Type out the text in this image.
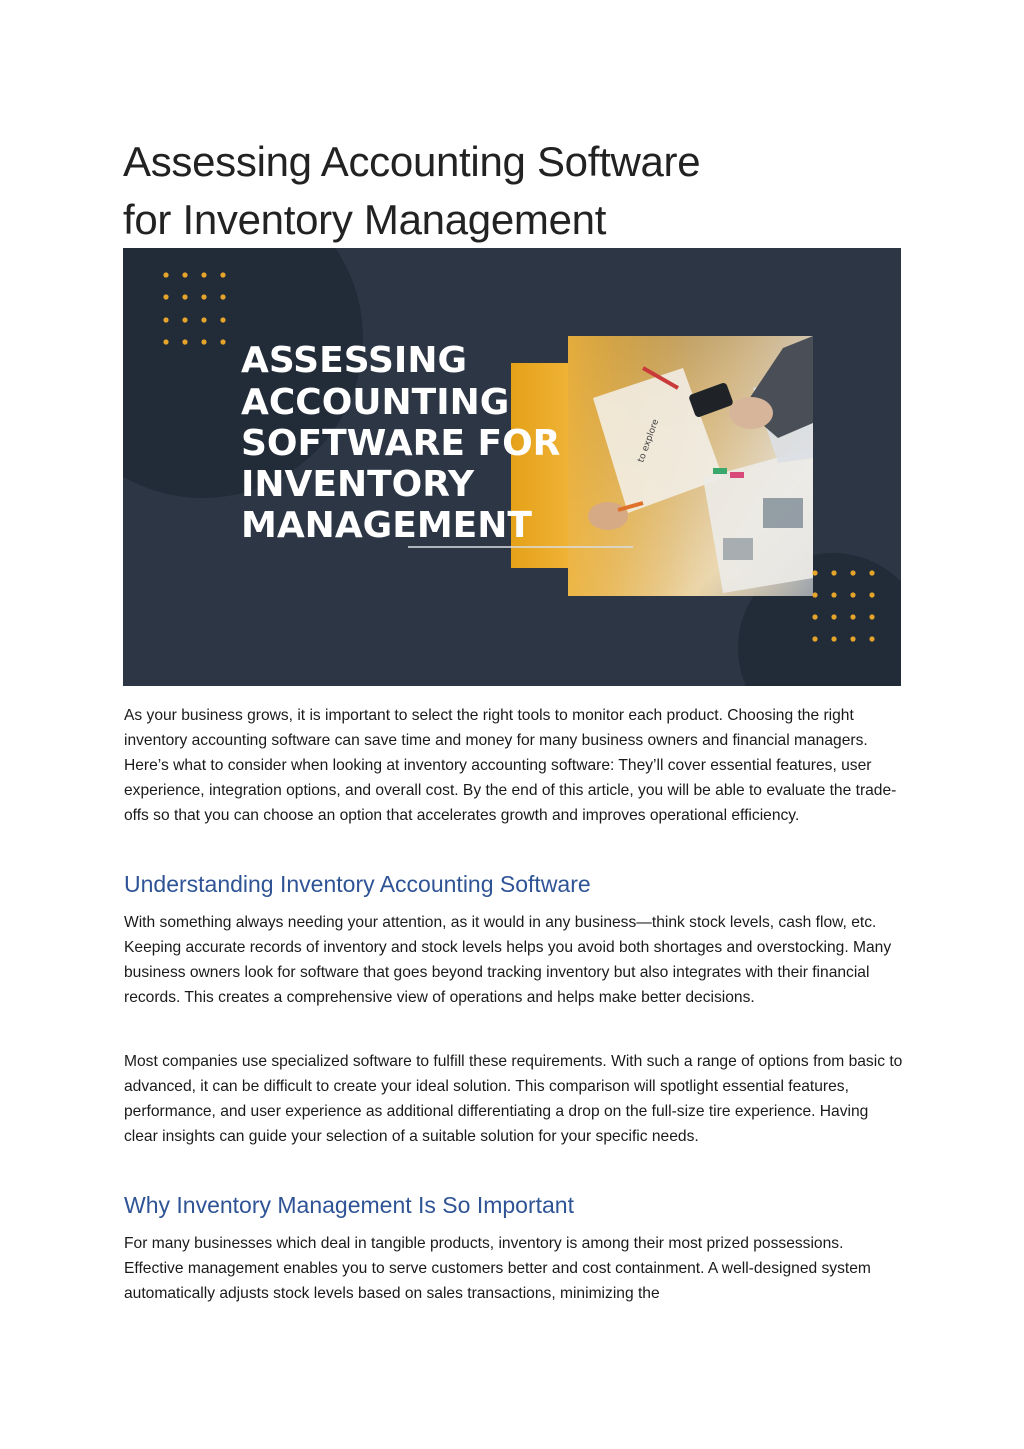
Assessing Accounting Software
for Inventory Management
to explore
ASSESSING
ACCOUNTING
SOFTWARE FOR
INVENTORY
MANAGEMENT

As your business grows, it is important to select the right tools to monitor each product. Choosing the right inventory accounting software can save time and money for many business owners and financial managers. Here’s what to consider when looking at inventory accounting software: They’ll cover essential features, user experience, integration options, and overall cost. By the end of this article, you will be able to evaluate the trade-offs so that you can choose an option that accelerates growth and improves operational efficiency.

Understanding Inventory Accounting Software

With something always needing your attention, as it would in any business—think stock levels, cash flow, etc. Keeping accurate records of inventory and stock levels helps you avoid both shortages and overstocking. Many business owners look for software that goes beyond tracking inventory but also integrates with their financial records. This creates a comprehensive view of operations and helps make better decisions.

Most companies use specialized software to fulfill these requirements. With such a range of options from basic to advanced, it can be difficult to create your ideal solution. This comparison will spotlight essential features, performance, and user experience as additional differentiating a drop on the full-size tire experience. Having clear insights can guide your selection of a suitable solution for your specific needs.

Why Inventory Management Is So Important

For many businesses which deal in tangible products, inventory is among their most prized possessions. Effective management enables you to serve customers better and cost containment. A well-designed system automatically adjusts stock levels based on sales transactions, minimizing the
